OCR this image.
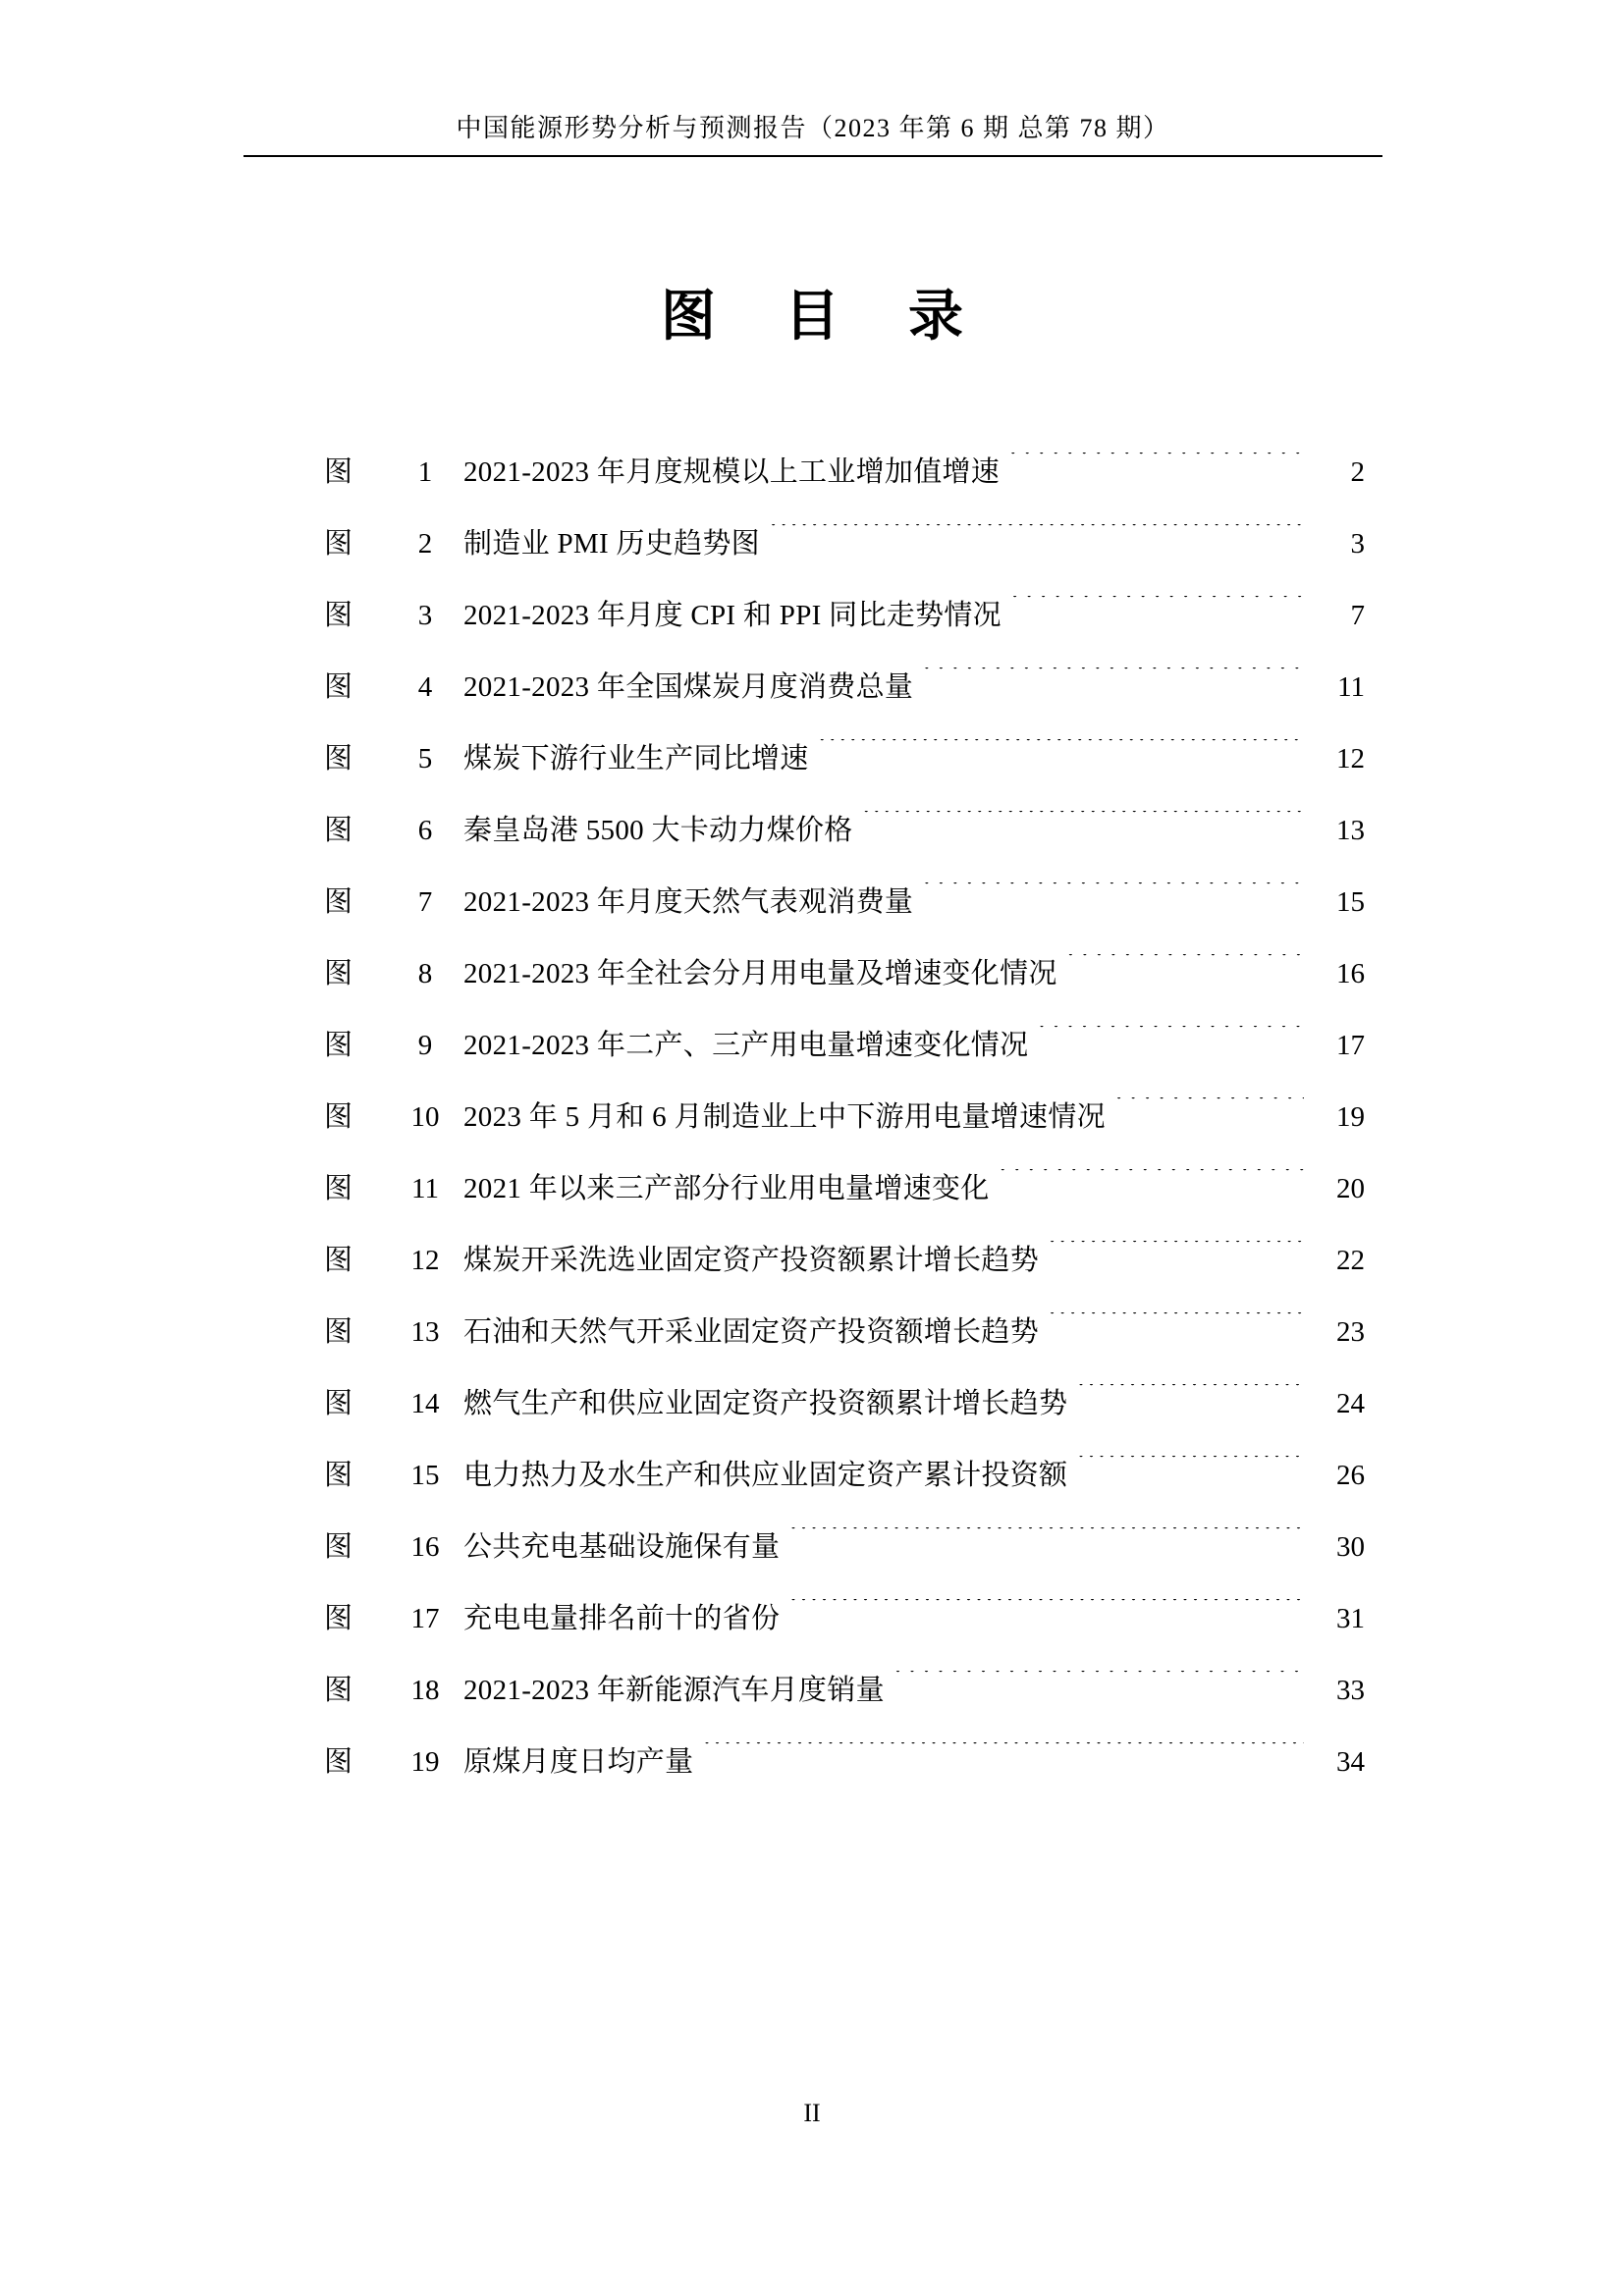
中国能源形势分析与预测报告（2023 年第 6 期 总第 78 期）
图 目 录
图	1	2021-2023 年月度规模以上工业增加值增速 . . .	2
图	2	制造业 PMI 历史趋势图 . . .	3
图	3	2021-2023 年月度 CPI 和 PPI 同比走势情况 . . .	7
图	4	2021-2023 年全国煤炭月度消费总量 . . .	11
图	5	煤炭下游行业生产同比增速 . . .	12
图	6	秦皇岛港 5500 大卡动力煤价格 . . .	13
图	7	2021-2023 年月度天然气表观消费量 . . .	15
图	8	2021-2023 年全社会分月用电量及增速变化情况 . . .	16
图	9	2021-2023 年二产、三产用电量增速变化情况 . . .	17
图	10 2023 年 5 月和 6 月制造业上中下游用电量增速情况 . . .	19
图	11 2021 年以来三产部分行业用电量增速变化 . . .	20
图	12 煤炭开采洗选业固定资产投资额累计增长趋势 . . .	22
图	13 石油和天然气开采业固定资产投资额增长趋势 . . .	23
图	14 燃气生产和供应业固定资产投资额累计增长趋势 . . .	24
图	15 电力热力及水生产和供应业固定资产累计投资额 . . .	26
图	16 公共充电基础设施保有量 . . .	30
图	17 充电电量排名前十的省份 . . .	31
图	18 2021-2023 年新能源汽车月度销量 . . .	33
图	19 原煤月度日均产量 . . .	34
II
